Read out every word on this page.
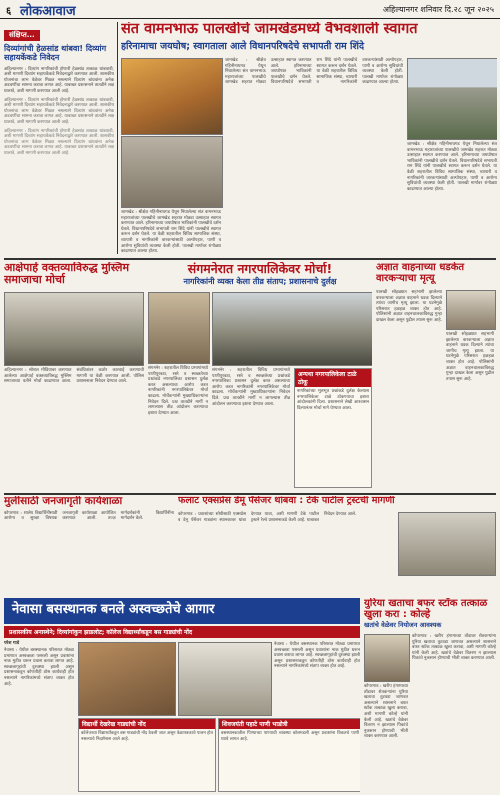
६ लोकआवाज	अहिल्यानगर शनिवार दि.२८ जून २०२५
संक्षिप्त...
दिव्यांगांची हेळसांड थांबवा! दिव्यांग सहायकेंकडे निवेदन
अहिल्यानगर : दिव्यांग नागरिकांची होणारी हेळसांड तत्काळ थांबवावी, अशी मागणी दिव्यांग सहायकेंकडे निवेदनाद्वारे करण्यात आली. शासकीय योजनांचा लाभ वेळेवर मिळत नसल्याने दिव्यांग बांधवांना अनेक अडचणींचा सामना करावा लागत आहे. याबाबत प्रशासनाने तातडीने लक्ष घालावे, अशी मागणी करण्यात आली आहे.
अहिल्यानगर : दिव्यांग नागरिकांची होणारी हेळसांड तत्काळ थांबवावी, अशी मागणी दिव्यांग सहायकेंकडे निवेदनाद्वारे करण्यात आली. शासकीय योजनांचा लाभ वेळेवर मिळत नसल्याने दिव्यांग बांधवांना अनेक अडचणींचा सामना करावा लागत आहे. याबाबत प्रशासनाने तातडीने लक्ष घालावे, अशी मागणी करण्यात आली आहे.
अहिल्यानगर : दिव्यांग नागरिकांची होणारी हेळसांड तत्काळ थांबवावी, अशी मागणी दिव्यांग सहायकेंकडे निवेदनाद्वारे करण्यात आली. शासकीय योजनांचा लाभ वेळेवर मिळत नसल्याने दिव्यांग बांधवांना अनेक अडचणींचा सामना करावा लागत आहे. याबाबत प्रशासनाने तातडीने लक्ष घालावे, अशी मागणी करण्यात आली आहे.
संत वामनभाऊ पालखीचे जामखेडमध्ये वैभवशाली स्वागत
हरिनामाचा जयघोष; स्वागताला आले विधानपरिषदेचे सभापती राम शिंदे
जामखेड : श्रीक्षेत्र गहिनीनाथगड येथून निघालेल्या संत वामनभाऊ महाराजांच्या पालखीचे जामखेड शहरात मोठ्या उत्साहात स्वागत करण्यात आले. हरिनामाच्या जयघोषात भाविकांनी पालखीचे दर्शन घेतले. विधानपरिषदेचे सभापती राम शिंदे यांनी पालखीचे स्वागत करून दर्शन घेतले. या वेळी शहरातील विविध सामाजिक संस्था, व्यापारी व नागरिकांनी वारकऱ्यांसाठी अल्पोपहार, पाणी व आरोग्य सुविधांची व्यवस्था केली होती. पालखी मार्गावर रांगोळ्या काढण्यात आल्या होत्या.
जामखेड : श्रीक्षेत्र गहिनीनाथगड येथून निघालेल्या संत वामनभाऊ महाराजांच्या पालखीचे जामखेड शहरात मोठ्या उत्साहात स्वागत करण्यात आले. हरिनामाच्या जयघोषात भाविकांनी पालखीचे दर्शन घेतले. विधानपरिषदेचे सभापती राम शिंदे यांनी पालखीचे स्वागत करून दर्शन घेतले. या वेळी शहरातील विविध सामाजिक संस्था, व्यापारी व नागरिकांनी वारकऱ्यांसाठी अल्पोपहार, पाणी व आरोग्य सुविधांची व्यवस्था केली होती. पालखी मार्गावर रांगोळ्या काढण्यात आल्या होत्या.
जामखेड : श्रीक्षेत्र गहिनीनाथगड येथून निघालेल्या संत वामनभाऊ महाराजांच्या पालखीचे जामखेड शहरात मोठ्या उत्साहात स्वागत करण्यात आले. हरिनामाच्या जयघोषात भाविकांनी पालखीचे दर्शन घेतले. विधानपरिषदेचे सभापती राम शिंदे यांनी पालखीचे स्वागत करून दर्शन घेतले. या वेळी शहरातील विविध सामाजिक संस्था, व्यापारी व नागरिकांनी वारकऱ्यांसाठी अल्पोपहार, पाणी व आरोग्य सुविधांची व्यवस्था केली होती. पालखी मार्गावर रांगोळ्या काढण्यात आल्या होत्या.
आक्षेपार्ह वक्तव्याविरुद्ध मुस्लिम समाजाचा मोर्चा
अहिल्यानगर : सोशल मीडियावर करण्यात आलेल्या आक्षेपार्ह वक्तव्याविरुद्ध मुस्लिम समाजाच्या वतीने मोर्चा काढण्यात आला. संबंधितांवर कठोर कारवाई करण्याची मागणी या वेळी करण्यात आली. पोलिस प्रशासनाला निवेदन देण्यात आले.
संगमनेरात नगरपालिकेवर मोर्चा!
नागरिकांनी व्यक्त केला तीव्र संताप; प्रशासनाचे दुर्लक्ष
संगमनेर : शहरातील विविध प्रभागांमध्ये पाणीपुरवठा, रस्ते व स्वच्छतेच्या प्रश्नांकडे नगरपालिका प्रशासन दुर्लक्ष करत असल्याचा आरोप करत नागरिकांनी नगरपालिकेवर मोर्चा काढला. मोर्चेकऱ्यांनी मुख्याधिकाऱ्यांना निवेदन दिले. प्रश्न तातडीने मार्गी न लागल्यास तीव्र आंदोलन करण्याचा इशारा देण्यात आला.
संगमनेर : शहरातील विविध प्रभागांमध्ये पाणीपुरवठा, रस्ते व स्वच्छतेच्या प्रश्नांकडे नगरपालिका प्रशासन दुर्लक्ष करत असल्याचा आरोप करत नागरिकांनी नगरपालिकेवर मोर्चा काढला. मोर्चेकऱ्यांनी मुख्याधिकाऱ्यांना निवेदन दिले. प्रश्न तातडीने मार्गी न लागल्यास तीव्र आंदोलन करण्याचा इशारा देण्यात आला.
अन्यथा नगरपालिकेला टाळे ठोकू
नागरिकांच्या मूलभूत प्रश्नांकडे दुर्लक्ष केल्यास नगरपालिकेला टाळे ठोकण्याचा इशारा आंदोलकांनी दिला. प्रशासनाने लेखी आश्वासन दिल्यानंतर मोर्चा मागे घेण्यात आला.
अज्ञात वाहनाच्या धडकेत वारकऱ्याचा मृत्यू
पालखी सोहळ्यात सहभागी झालेल्या वारकऱ्याला अज्ञात वाहनाने धडक दिल्याने त्यांचा जागीच मृत्यू झाला. या घटनेमुळे परिसरात हळहळ व्यक्त होत आहे. पोलिसांनी अज्ञात वाहनचालकाविरुद्ध गुन्हा दाखल केला असून पुढील तपास सुरू आहे.
पालखी सोहळ्यात सहभागी झालेल्या वारकऱ्याला अज्ञात वाहनाने धडक दिल्याने त्यांचा जागीच मृत्यू झाला. या घटनेमुळे परिसरात हळहळ व्यक्त होत आहे. पोलिसांनी अज्ञात वाहनचालकाविरुद्ध गुन्हा दाखल केला असून पुढील तपास सुरू आहे.
मुलींसाठी जनजागृती कार्यशाळा
कोपरगाव : शालेय विद्यार्थिनींसाठी आरोग्य व सुरक्षा विषयक जनजागृती कार्यशाळा आयोजित करण्यात आली. तज्ज्ञ मार्गदर्शकांनी विद्यार्थिनींना मार्गदर्शन केले.
फलाट एक्सप्रेस डेमू पॅसेंजर थांबवा : टेके पाटील ट्रस्टची मागणी
कोपरगाव : प्रवाशांच्या सोयीसाठी एक्सप्रेस व डेमू पॅसेंजर गाड्यांना स्थानकावर थांबा देण्यात यावा, अशी मागणी टेके पाटील ट्रस्टने रेल्वे प्रशासनाकडे केली आहे. याबाबत निवेदन देण्यात आले.
नेवासा बसस्थानक बनले अस्वच्छतेचे आगार
प्रशासकीय अनास्थेने; दिव्यांगांकुन झाडलोट; कॉलेज विद्यार्थ्यांकडून बस गाड्यांची नोंद
परेश गाडे
नेवासा : येथील बसस्थानक परिसरात मोठ्या प्रमाणात अस्वच्छता पसरली असून प्रवाशांना नाक मुठीत धरून प्रवास करावा लागत आहे. स्वच्छतागृहांची दुरवस्था झाली असून प्रशासनाकडून कोणतीही ठोस कार्यवाही होत नसल्याने नागरिकांमध्ये संताप व्यक्त होत आहे.
नेवासा : येथील बसस्थानक परिसरात मोठ्या प्रमाणात अस्वच्छता पसरली असून प्रवाशांना नाक मुठीत धरून प्रवास करावा लागत आहे. स्वच्छतागृहांची दुरवस्था झाली असून प्रशासनाकडून कोणतीही ठोस कार्यवाही होत नसल्याने नागरिकांमध्ये संताप व्यक्त होत आहे.
विद्यार्थी देखरेख गाड्यांची नोंद
कॉलेजच्या विद्यार्थ्यांकडून बस गाड्यांची नोंद ठेवली जात असून वेळापत्रकाचे पालन होत नसल्याचे निदर्शनास आले आहे.
शिवजयंती पहाटे पाणी भाडोत्री
बसस्थानकातील पिण्याच्या पाण्याची व्यवस्था कोलमडली असून प्रवाशांना विकतचे पाणी घ्यावे लागत आहे.
युरिया खताचा बफर स्टॉक तत्काळ खुला करा : कोल्हे
खतांचे वेळेवर नियोजन आवश्यक
कोपरगाव : खरीप हंगामाच्या तोंडावर शेतकऱ्यांना युरिया खताचा तुटवडा जाणवत असल्याने शासनाने बफर स्टॉक तत्काळ खुला करावा, अशी मागणी कोल्हे यांनी केली आहे. खतांचे वेळेवर वितरण न झाल्यास पिकांचे नुकसान होण्याची भीती व्यक्त करण्यात आली.
कोपरगाव : खरीप हंगामाच्या तोंडावर शेतकऱ्यांना युरिया खताचा तुटवडा जाणवत असल्याने शासनाने बफर स्टॉक तत्काळ खुला करावा, अशी मागणी कोल्हे यांनी केली आहे. खतांचे वेळेवर वितरण न झाल्यास पिकांचे नुकसान होण्याची भीती व्यक्त करण्यात आली.
